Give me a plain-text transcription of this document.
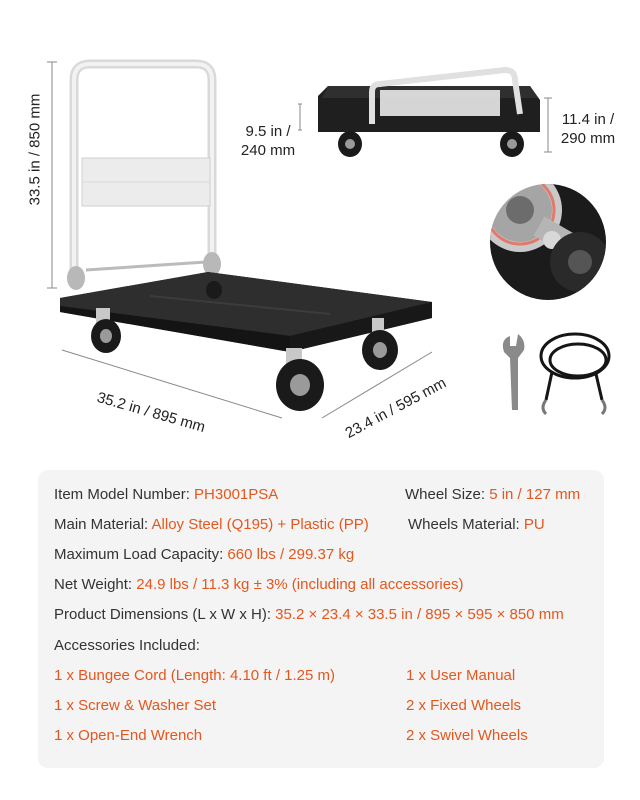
33.5 in / 850 mm
35.2 in / 895 mm	23.4 in / 595 mm
9.5 in /
240 mm
11.4 in /
290 mm
Item Model Number: PH3001PSA	Wheel Size: 5 in / 127 mm
Main Material: Alloy Steel (Q195) + Plastic (PP)	Wheels Material: PU
Maximum Load Capacity: 660 lbs / 299.37 kg
Net Weight: 24.9 lbs / 11.3 kg ± 3% (including all accessories)
Product Dimensions (L x W x H): 35.2 × 23.4 × 33.5 in / 895 × 595 × 850 mm
Accessories Included:
1 x Bungee Cord (Length: 4.10 ft / 1.25 m)	1 x User Manual
1 x Screw & Washer Set	2 x Fixed Wheels
1 x Open-End Wrench	2 x Swivel Wheels
